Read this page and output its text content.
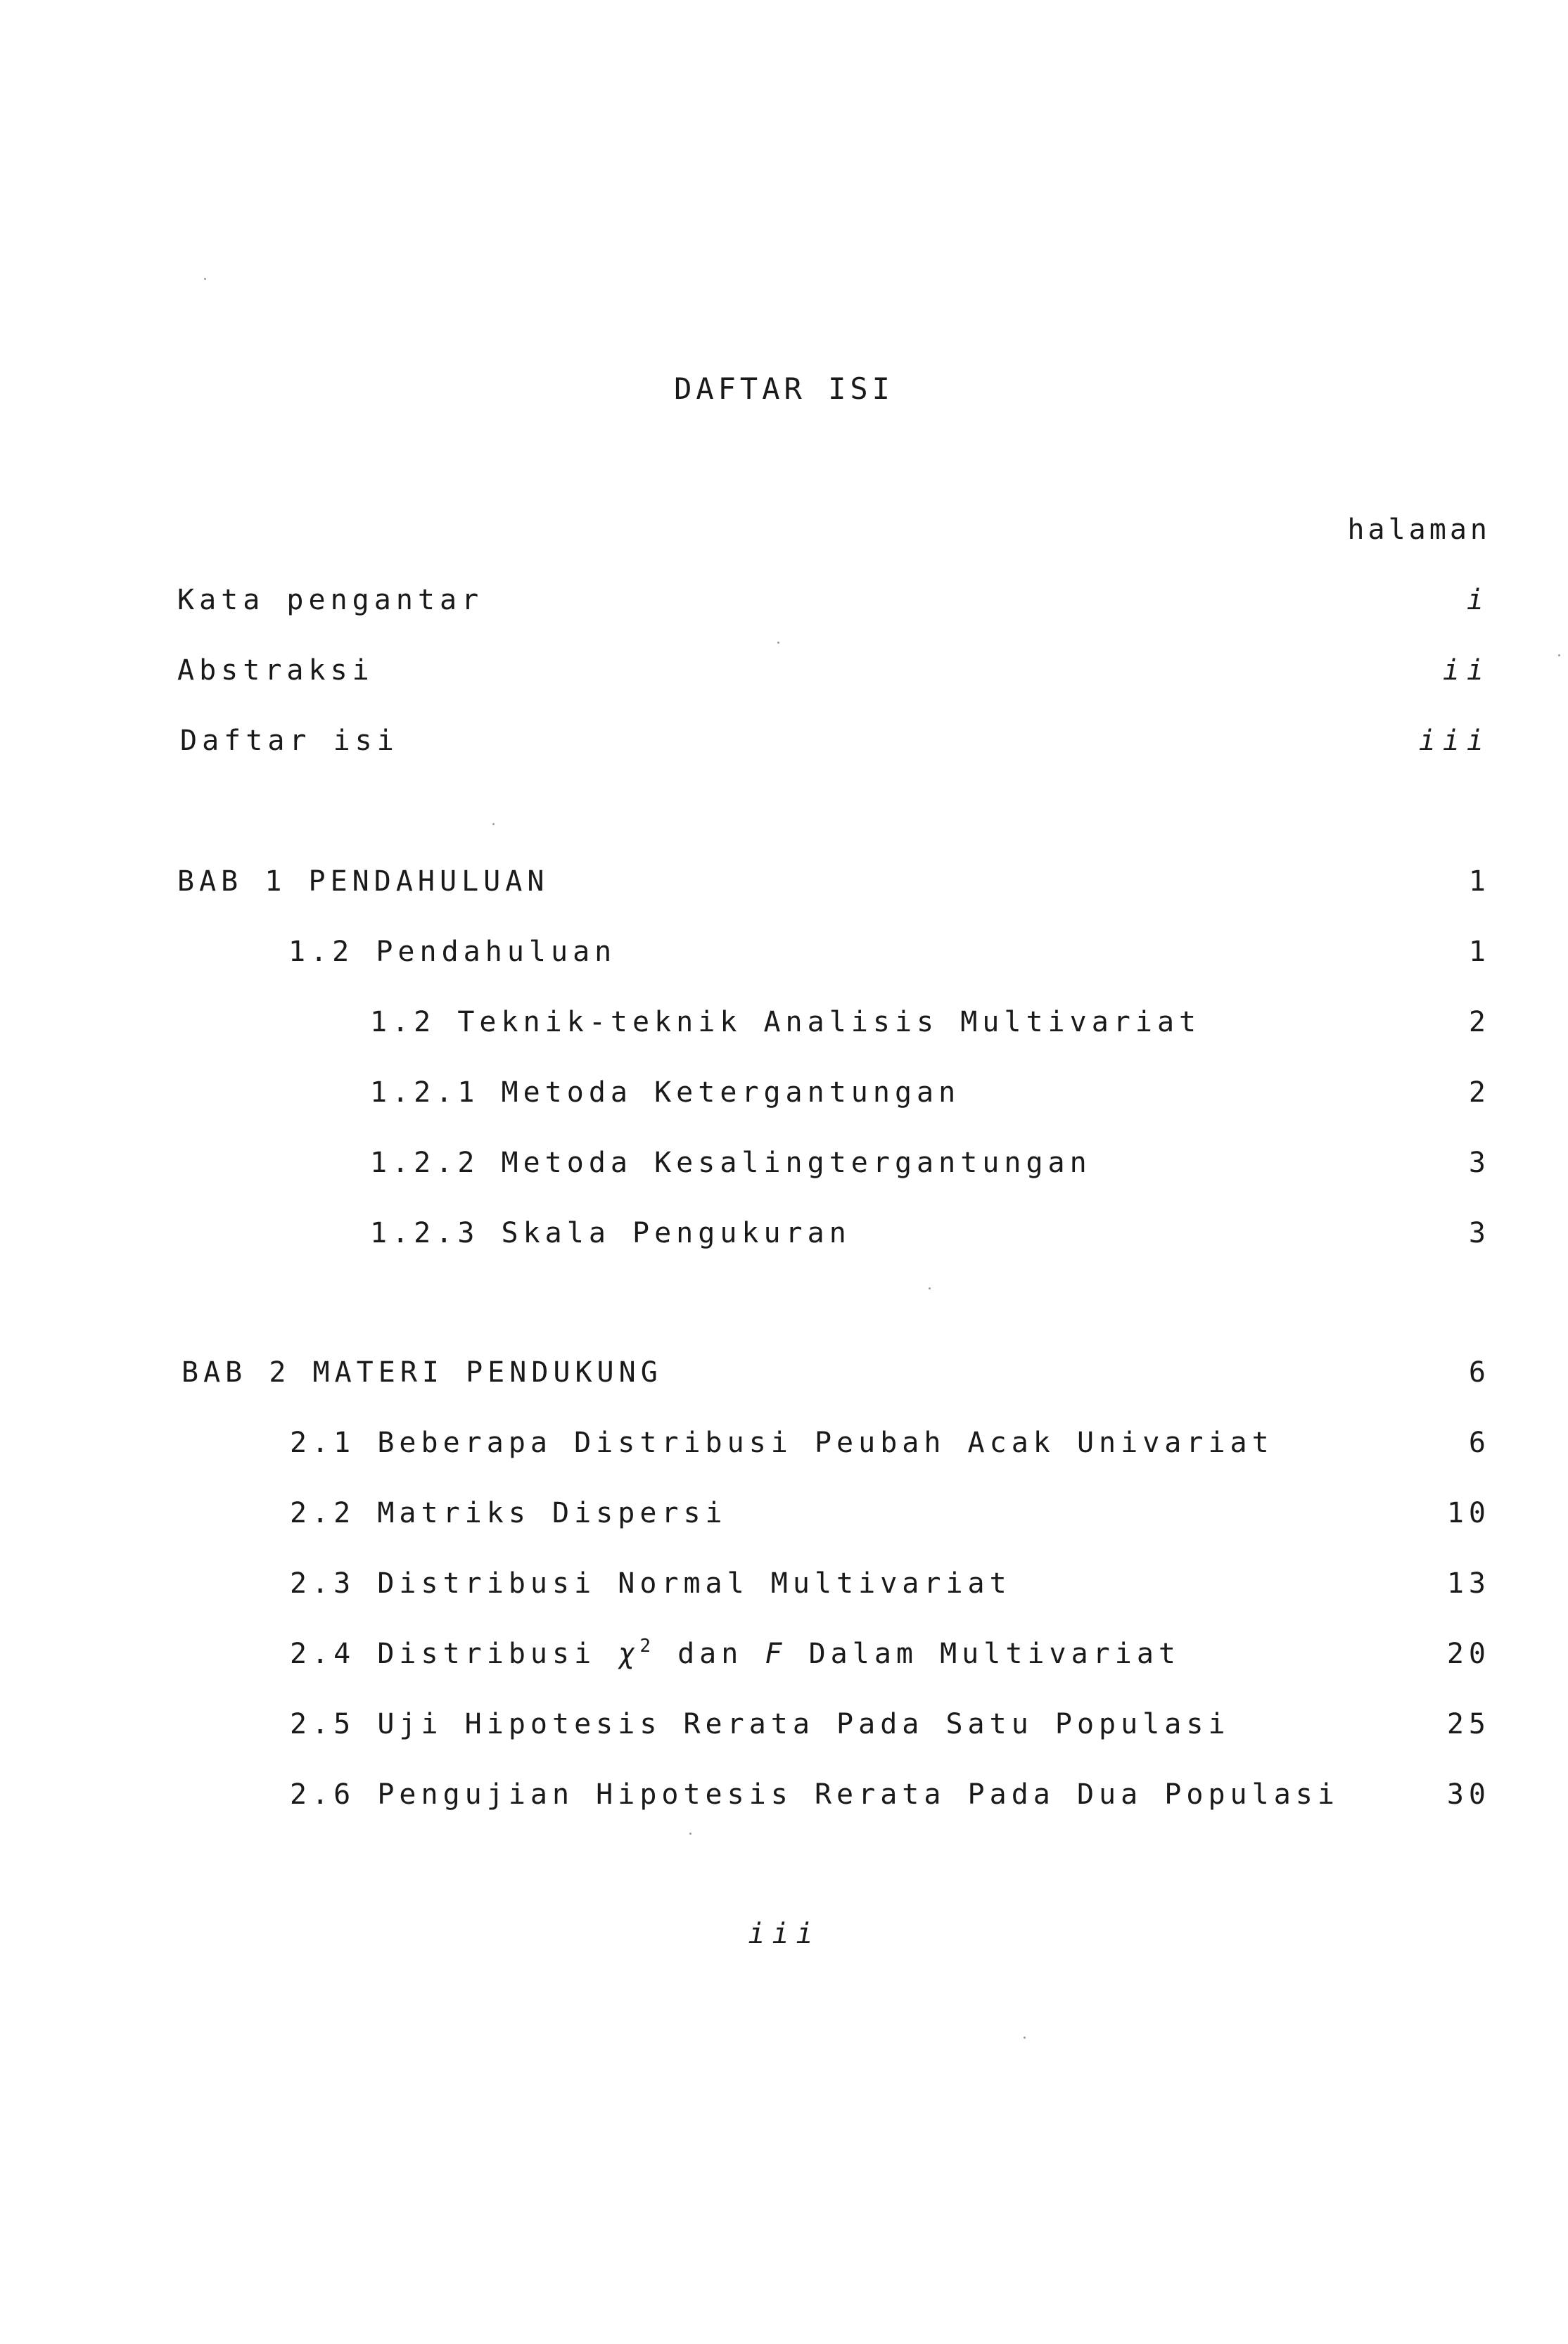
DAFTAR ISI
halaman
Kata pengantar	i
Abstraksi	ii
Daftar isi	iii
BAB 1 PENDAHULUAN	1
1.2 Pendahuluan	1
1.2 Teknik-teknik Analisis Multivariat	2
1.2.1 Metoda Ketergantungan	2
1.2.2 Metoda Kesalingtergantungan	3
1.2.3 Skala Pengukuran	3
BAB 2 MATERI PENDUKUNG	6
2.1 Beberapa Distribusi Peubah Acak Univariat	6
2.2 Matriks Dispersi	10
2.3 Distribusi Normal Multivariat	13
2.4 Distribusi $\chi^2$ dan F Dalam Multivariat	20
2.5 Uji Hipotesis Rerata Pada Satu Populasi	25
2.6 Pengujian Hipotesis Rerata Pada Dua Populasi	30
iii
